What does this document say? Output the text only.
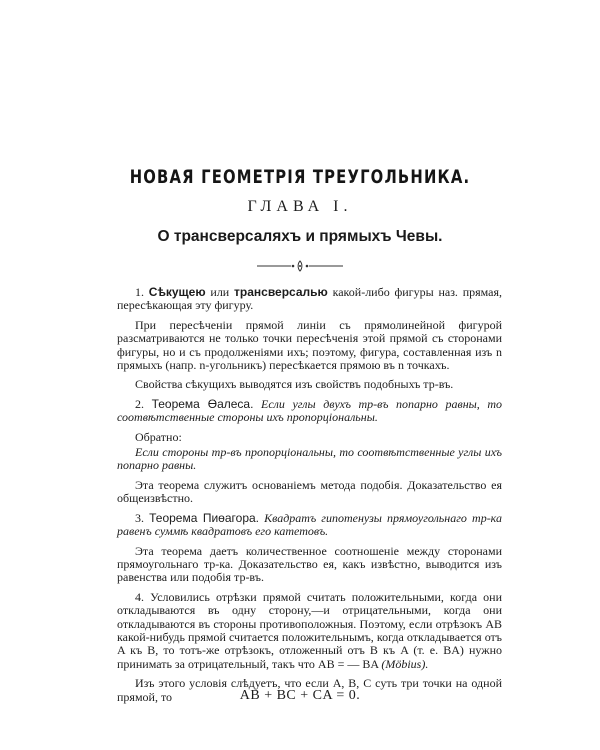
НОВАЯ ГЕОМЕТРІЯ ТРЕУГОЛЬНИКА.
ГЛАВА I.
О трансверсаляхъ и прямыхъ Чевы.

1. Сѣкущею или трансверсалью какой-либо фигуры наз. прямая, пересѣкающая эту фигуру.

При пересѣченіи прямой линіи съ прямолинейной фигурой разсматриваются не только точки пересѣченія этой прямой съ сторонами фигуры, но и съ продолженіями ихъ; поэтому, фигура, составленная изъ n прямыхъ (напр. n-угольникъ) пересѣкается прямою въ n точкахъ.

Свойства сѣкущихъ выводятся изъ свойствъ подобныхъ тр-въ.

2. Теорема Өалеса. Если углы двухъ тр-въ попарно равны, то соотвѣтственные стороны ихъ пропорціональны.

Обратно:

Если стороны тр-въ пропорціональны, то соотвѣтственные углы ихъ попарно равны.

Эта теорема служитъ основаніемъ метода подобія. Доказательство ея общеизвѣстно.

3. Теорема Пиөагора. Квадратъ гипотенузы прямоугольнаго тр-ка равенъ суммѣ квадратовъ его катетовъ.

Эта теорема даетъ количественное соотношеніе между сторонами прямоугольнаго тр-ка. Доказательство ея, какъ извѣстно, выводится изъ равенства или подобія тр-въ.

4. Условились отрѣзки прямой считать положительными, когда они откладываются въ одну сторону,—и отрицательными, когда они откладываются въ стороны противоположныя. Поэтому, если отрѣзокъ AB какой-нибудь прямой считается положительнымъ, когда откладывается отъ A къ B, то тотъ-же отрѣзокъ, отложенный отъ B къ A (т. е. BA) нужно принимать за отрицательный, такъ что AB = — BA (Möbius).

Изъ этого условія слѣдуетъ, что если A, B, C суть три точки на одной прямой, то	AB + BC + CA = 0.
